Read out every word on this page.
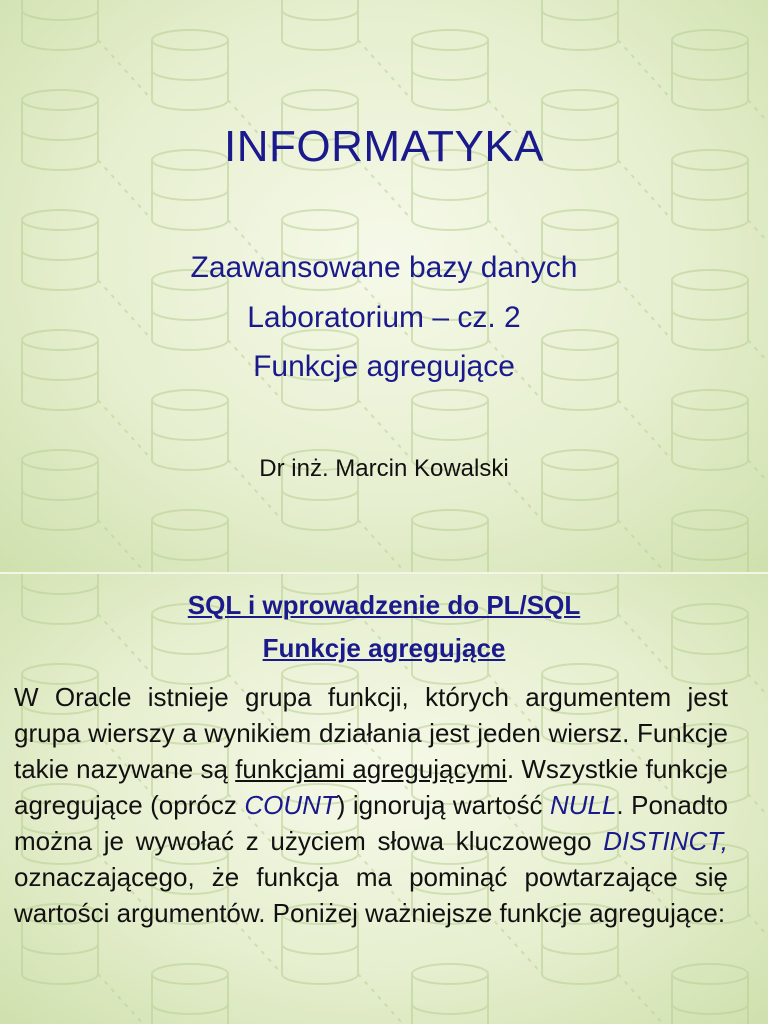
INFORMATYKA
Zaawansowane bazy danych
Laboratorium – cz. 2
Funkcje agregujące
Dr inż. Marcin Kowalski
SQL i wprowadzenie do PL/SQL
Funkcje agregujące
W Oracle istnieje grupa funkcji, których argumentem jest grupa wierszy a wynikiem działania jest jeden wiersz. Funkcje takie nazywane są funkcjami agregującymi. Wszystkie funkcje agregujące (oprócz COUNT) ignorują wartość NULL. Ponadto można je wywołać z użyciem słowa kluczowego DISTINCT, oznaczającego, że funkcja ma pominąć powtarzające się wartości argumentów. Poniżej ważniejsze funkcje agregujące:
